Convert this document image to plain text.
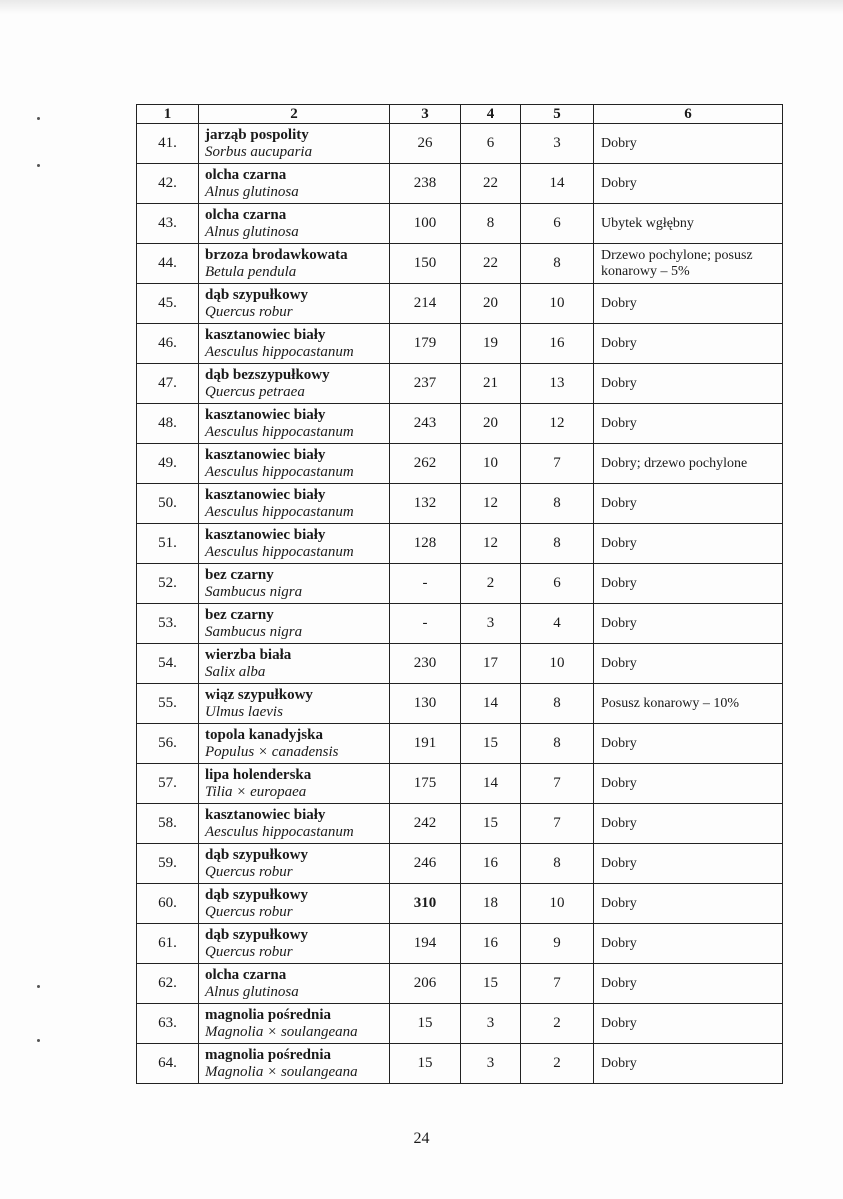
1	2	3	4	5	6
41.	jarząb pospolity
Sorbus aucuparia	26	6	3	Dobry
42.	olcha czarna
Alnus glutinosa	238	22	14	Dobry
43.	olcha czarna
Alnus glutinosa	100	8	6	Ubytek wgłębny
44.	brzoza brodawkowata
Betula pendula	150	22	8	Drzewo pochylone; posusz konarowy – 5%
45.	dąb szypułkowy
Quercus robur	214	20	10	Dobry
46.	kasztanowiec biały
Aesculus hippocastanum	179	19	16	Dobry
47.	dąb bezszypułkowy
Quercus petraea	237	21	13	Dobry
48.	kasztanowiec biały
Aesculus hippocastanum	243	20	12	Dobry
49.	kasztanowiec biały
Aesculus hippocastanum	262	10	7	Dobry; drzewo pochylone
50.	kasztanowiec biały
Aesculus hippocastanum	132	12	8	Dobry
51.	kasztanowiec biały
Aesculus hippocastanum	128	12	8	Dobry
52.	bez czarny
Sambucus nigra	-	2	6	Dobry
53.	bez czarny
Sambucus nigra	-	3	4	Dobry
54.	wierzba biała
Salix alba	230	17	10	Dobry
55.	wiąz szypułkowy
Ulmus laevis	130	14	8	Posusz konarowy – 10%
56.	topola kanadyjska
Populus × canadensis	191	15	8	Dobry
57.	lipa holenderska
Tilia × europaea	175	14	7	Dobry
58.	kasztanowiec biały
Aesculus hippocastanum	242	15	7	Dobry
59.	dąb szypułkowy
Quercus robur	246	16	8	Dobry
60.	dąb szypułkowy
Quercus robur	310	18	10	Dobry
61.	dąb szypułkowy
Quercus robur	194	16	9	Dobry
62.	olcha czarna
Alnus glutinosa	206	15	7	Dobry
63.	magnolia pośrednia
Magnolia × soulangeana	15	3	2	Dobry
64.	magnolia pośrednia
Magnolia × soulangeana	15	3	2	Dobry
24
